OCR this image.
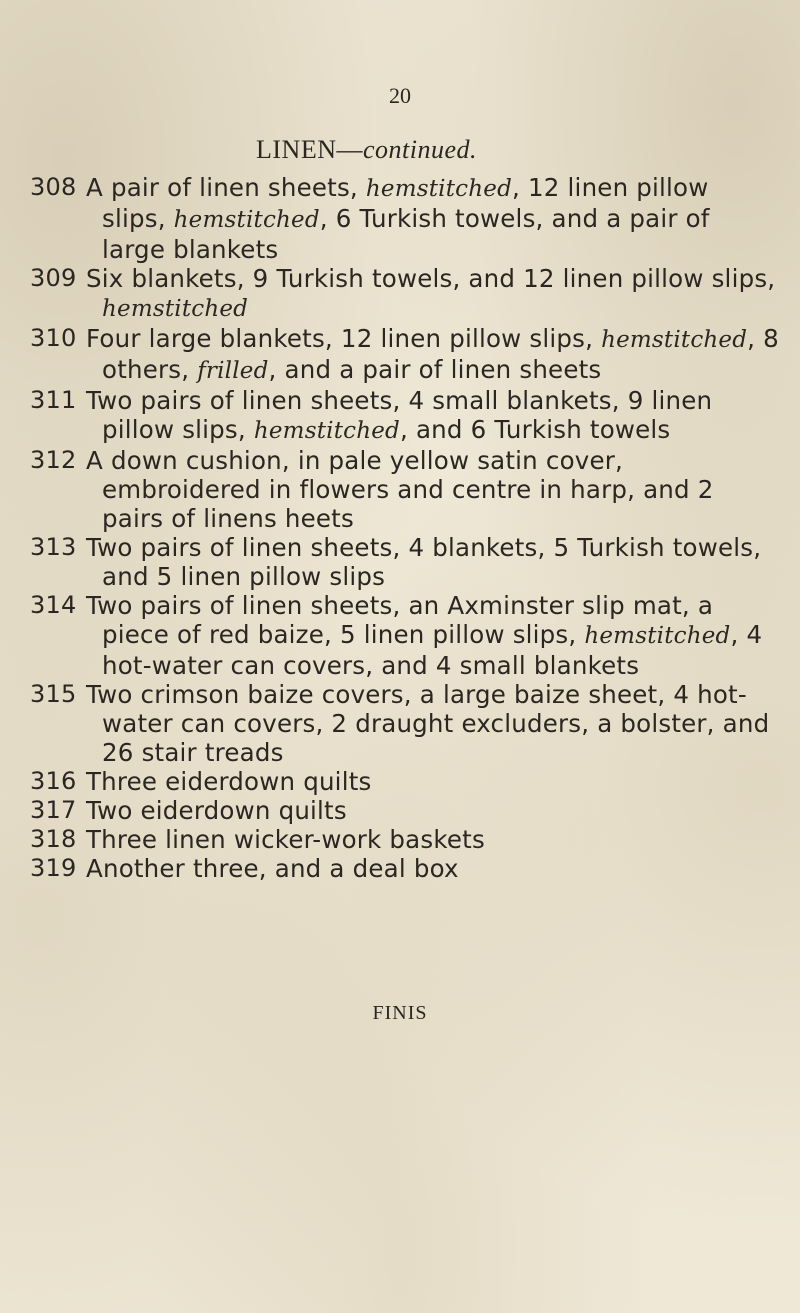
20
LINEN—continued.
308 A pair of linen sheets, hemstitched, 12 linen pillow slips, hemstitched, 6 Turkish towels, and a pair of large blankets
309 Six blankets, 9 Turkish towels, and 12 linen pillow slips, hemstitched
310 Four large blankets, 12 linen pillow slips, hemstitched, 8 others, frilled, and a pair of linen sheets
311 Two pairs of linen sheets, 4 small blankets, 9 linen pillow slips, hemstitched, and 6 Turkish towels
312 A down cushion, in pale yellow satin cover, embroidered in flowers and centre in harp, and 2 pairs of linens heets
313 Two pairs of linen sheets, 4 blankets, 5 Turkish towels, and 5 linen pillow slips
314 Two pairs of linen sheets, an Axminster slip mat, a piece of red baize, 5 linen pillow slips, hemstitched, 4 hot-water can covers, and 4 small blankets
315 Two crimson baize covers, a large baize sheet, 4 hot-water can covers, 2 draught excluders, a bolster, and 26 stair treads
316 Three eiderdown quilts
317 Two eiderdown quilts
318 Three linen wicker-work baskets
319 Another three, and a deal box
FINIS
